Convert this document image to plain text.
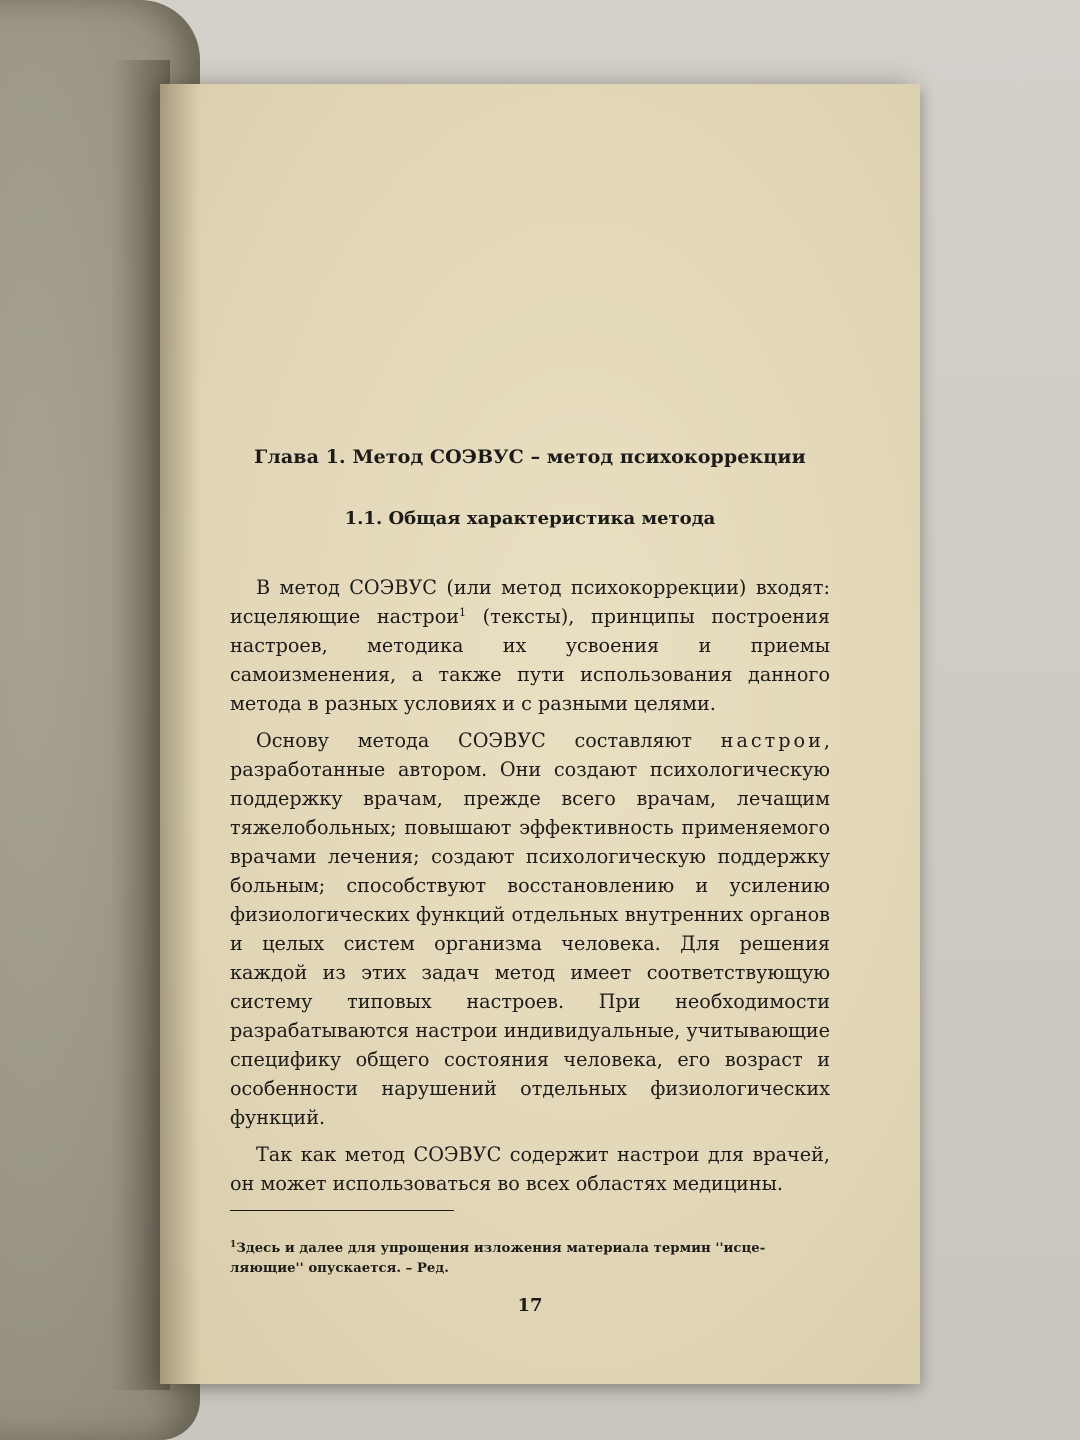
Глава 1. Метод СОЭВУС – метод психокоррекции
1.1. Общая характеристика метода

В метод СОЭВУС (или метод психокоррекции) входят: исцеляющие настрои$^1$ (тексты), принципы построения настроев, методика их усвоения и приемы самоизменения, а также пути использования данного метода в разных условиях и с разными целями.

Основу метода СОЭВУС составляют настрои, разработанные автором. Они создают психологическую поддержку врачам, прежде всего врачам, лечащим тяжелобольных; повышают эффективность применяемого врачами лечения; создают психологическую поддержку больным; способствуют восстановлению и усилению физиологических функций отдельных внутренних органов и целых систем организма человека. Для решения каждой из этих задач метод имеет соответствующую систему типовых настроев. При необходимости разрабатываются настрои индивидуальные, учитывающие специфику общего состояния человека, его возраст и особенности нарушений отдельных физиологических функций.

Так как метод СОЭВУС содержит настрои для врачей, он может использоваться во всех областях медицины.

$^1$Здесь и далее для упрощения изложения материала термин ''исцеляющие'' опускается. – Ред.

17
